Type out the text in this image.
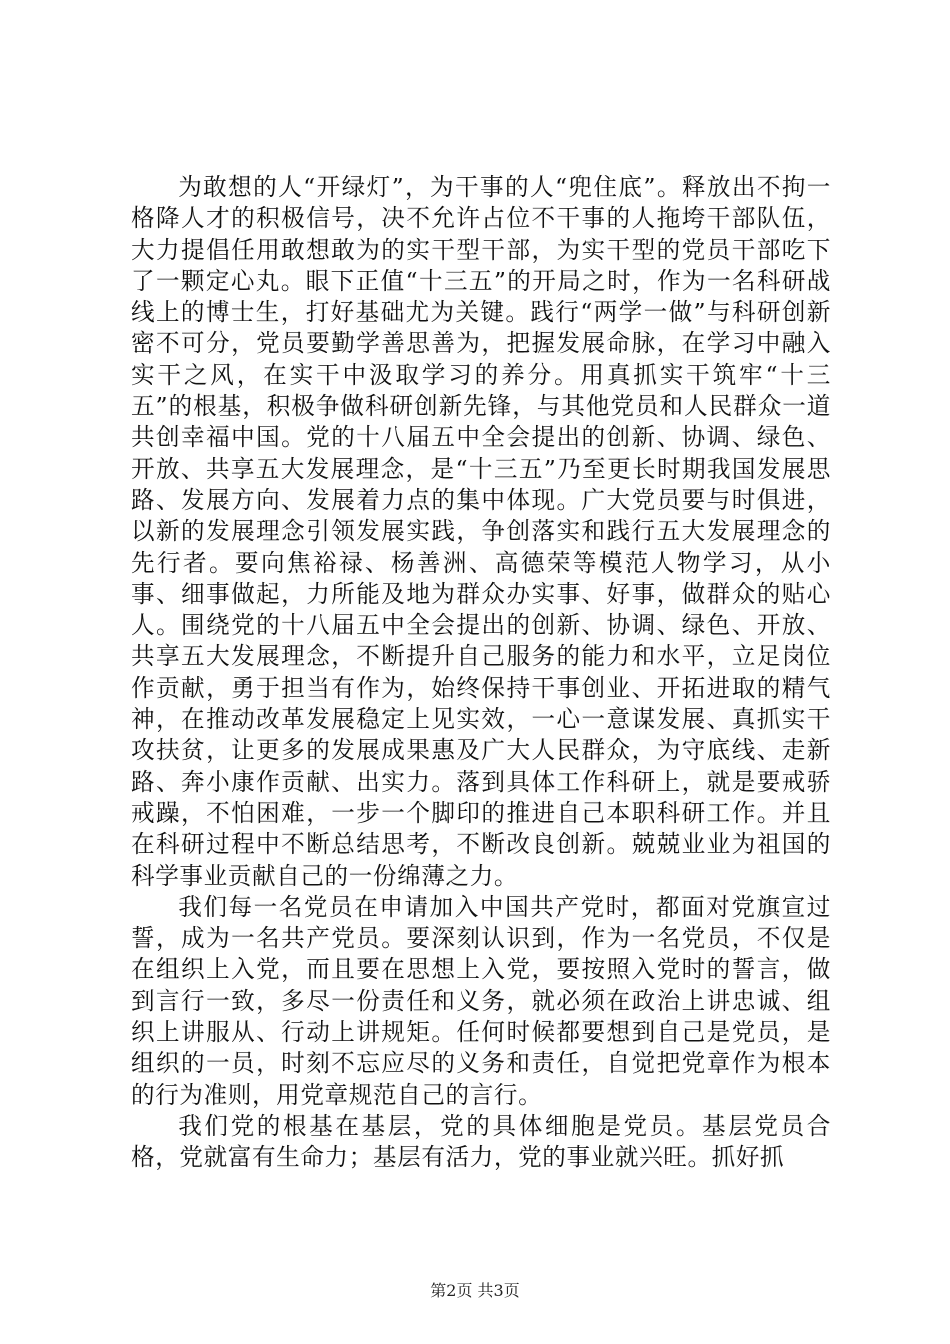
为敢想的人“开绿灯”，为干事的人“兜住底”。释放出不拘一格降人才的积极信号，决不允许占位不干事的人拖垮干部队伍，大力提倡任用敢想敢为的实干型干部，为实干型的党员干部吃下了一颗定心丸。眼下正值“十三五”的开局之时，作为一名科研战线上的博士生，打好基础尤为关键。践行“两学一做”与科研创新密不可分，党员要勤学善思善为，把握发展命脉，在学习中融入实干之风，在实干中汲取学习的养分。用真抓实干筑牢“十三五”的根基，积极争做科研创新先锋，与其他党员和人民群众一道共创幸福中国。党的十八届五中全会提出的创新、协调、绿色、开放、共享五大发展理念，是“十三五”乃至更长时期我国发展思路、发展方向、发展着力点的集中体现。广大党员要与时俱进，以新的发展理念引领发展实践，争创落实和践行五大发展理念的先行者。要向焦裕禄、杨善洲、高德荣等模范人物学习，从小事、细事做起，力所能及地为群众办实事、好事，做群众的贴心人。围绕党的十八届五中全会提出的创新、协调、绿色、开放、共享五大发展理念，不断提升自己服务的能力和水平，立足岗位作贡献，勇于担当有作为，始终保持干事创业、开拓进取的精气神，在推动改革发展稳定上见实效，一心一意谋发展、真抓实干攻扶贫，让更多的发展成果惠及广大人民群众，为守底线、走新路、奔小康作贡献、出实力。落到具体工作科研上，就是要戒骄戒躁，不怕困难，一步一个脚印的推进自己本职科研工作。并且在科研过程中不断总结思考，不断改良创新。兢兢业业为祖国的科学事业贡献自己的一份绵薄之力。

我们每一名党员在申请加入中国共产党时，都面对党旗宣过誓，成为一名共产党员。要深刻认识到，作为一名党员，不仅是在组织上入党，而且要在思想上入党，要按照入党时的誓言，做到言行一致，多尽一份责任和义务，就必须在政治上讲忠诚、组织上讲服从、行动上讲规矩。任何时候都要想到自己是党员，是组织的一员，时刻不忘应尽的义务和责任，自觉把党章作为根本的行为准则，用党章规范自己的言行。

我们党的根基在基层，党的具体细胞是党员。基层党员合格，党就富有生命力；基层有活力，党的事业就兴旺。抓好抓

第2页 共3页
